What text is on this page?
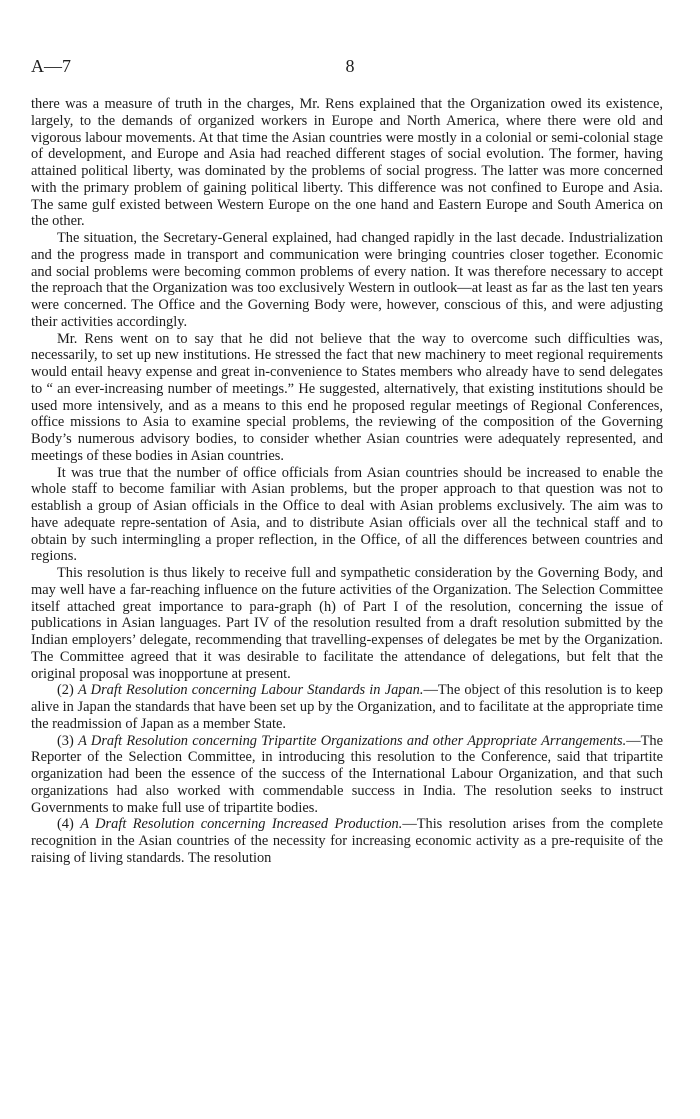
A—7	8

there was a measure of truth in the charges, Mr. Rens explained that the Organization owed its existence, largely, to the demands of organized workers in Europe and North America, where there were old and vigorous labour movements. At that time the Asian countries were mostly in a colonial or semi-colonial stage of development, and Europe and Asia had reached different stages of social evolution. The former, having attained political liberty, was dominated by the problems of social progress. The latter was more concerned with the primary problem of gaining political liberty. This difference was not confined to Europe and Asia. The same gulf existed between Western Europe on the one hand and Eastern Europe and South America on the other.

The situation, the Secretary-General explained, had changed rapidly in the last decade. Industrialization and the progress made in transport and communication were bringing countries closer together. Economic and social problems were becoming common problems of every nation. It was therefore necessary to accept the reproach that the Organization was too exclusively Western in outlook—at least as far as the last ten years were concerned. The Office and the Governing Body were, however, conscious of this, and were adjusting their activities accordingly.

Mr. Rens went on to say that he did not believe that the way to overcome such difficulties was, necessarily, to set up new institutions. He stressed the fact that new machinery to meet regional requirements would entail heavy expense and great in-convenience to States members who already have to send delegates to “ an ever-increasing number of meetings.” He suggested, alternatively, that existing institutions should be used more intensively, and as a means to this end he proposed regular meetings of Regional Conferences, office missions to Asia to examine special problems, the reviewing of the composition of the Governing Body’s numerous advisory bodies, to consider whether Asian countries were adequately represented, and meetings of these bodies in Asian countries.

It was true that the number of office officials from Asian countries should be increased to enable the whole staff to become familiar with Asian problems, but the proper approach to that question was not to establish a group of Asian officials in the Office to deal with Asian problems exclusively. The aim was to have adequate repre-sentation of Asia, and to distribute Asian officials over all the technical staff and to obtain by such intermingling a proper reflection, in the Office, of all the differences between countries and regions.

This resolution is thus likely to receive full and sympathetic consideration by the Governing Body, and may well have a far-reaching influence on the future activities of the Organization. The Selection Committee itself attached great importance to para-graph (h) of Part I of the resolution, concerning the issue of publications in Asian languages. Part IV of the resolution resulted from a draft resolution submitted by the Indian employers’ delegate, recommending that travelling-expenses of delegates be met by the Organization. The Committee agreed that it was desirable to facilitate the attendance of delegations, but felt that the original proposal was inopportune at present.

(2) A Draft Resolution concerning Labour Standards in Japan.—The object of this resolution is to keep alive in Japan the standards that have been set up by the Organization, and to facilitate at the appropriate time the readmission of Japan as a member State.

(3) A Draft Resolution concerning Tripartite Organizations and other Appropriate Arrangements.—The Reporter of the Selection Committee, in introducing this resolution to the Conference, said that tripartite organization had been the essence of the success of the International Labour Organization, and that such organizations had also worked with commendable success in India. The resolution seeks to instruct Governments to make full use of tripartite bodies.

(4) A Draft Resolution concerning Increased Production.—This resolution arises from the complete recognition in the Asian countries of the necessity for increasing economic activity as a pre-requisite of the raising of living standards. The resolution
